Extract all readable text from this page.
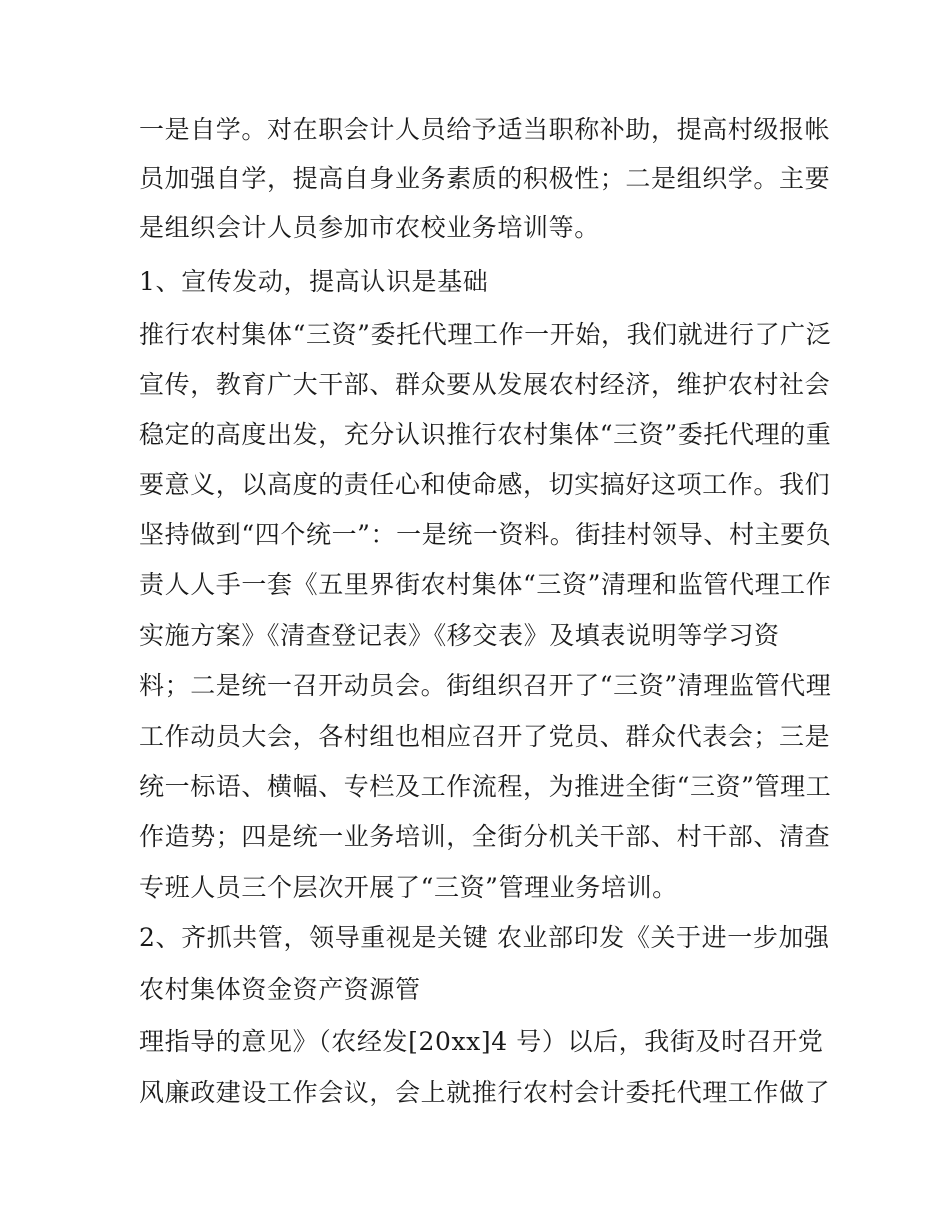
一是自学。对在职会计人员给予适当职称补助，提高村级报帐
员加强自学，提高自身业务素质的积极性；二是组织学。主要
是组织会计人员参加市农校业务培训等。
1、宣传发动，提高认识是基础
推行农村集体“三资”委托代理工作一开始，我们就进行了广泛
宣传，教育广大干部、群众要从发展农村经济，维护农村社会
稳定的高度出发，充分认识推行农村集体“三资”委托代理的重
要意义，以高度的责任心和使命感，切实搞好这项工作。我们
坚持做到“四个统一”：一是统一资料。街挂村领导、村主要负
责人人手一套《五里界街农村集体“三资”清理和监管代理工作
实施方案》《清查登记表》《移交表》及填表说明等学习资
料；二是统一召开动员会。街组织召开了“三资”清理监管代理
工作动员大会，各村组也相应召开了党员、群众代表会；三是
统一标语、横幅、专栏及工作流程，为推进全街“三资”管理工
作造势；四是统一业务培训，全街分机关干部、村干部、清查
专班人员三个层次开展了“三资”管理业务培训。
2、齐抓共管，领导重视是关键 农业部印发《关于进一步加强
农村集体资金资产资源管
理指导的意见》（农经发[20xx]4 号）以后，我街及时召开党
风廉政建设工作会议，会上就推行农村会计委托代理工作做了
